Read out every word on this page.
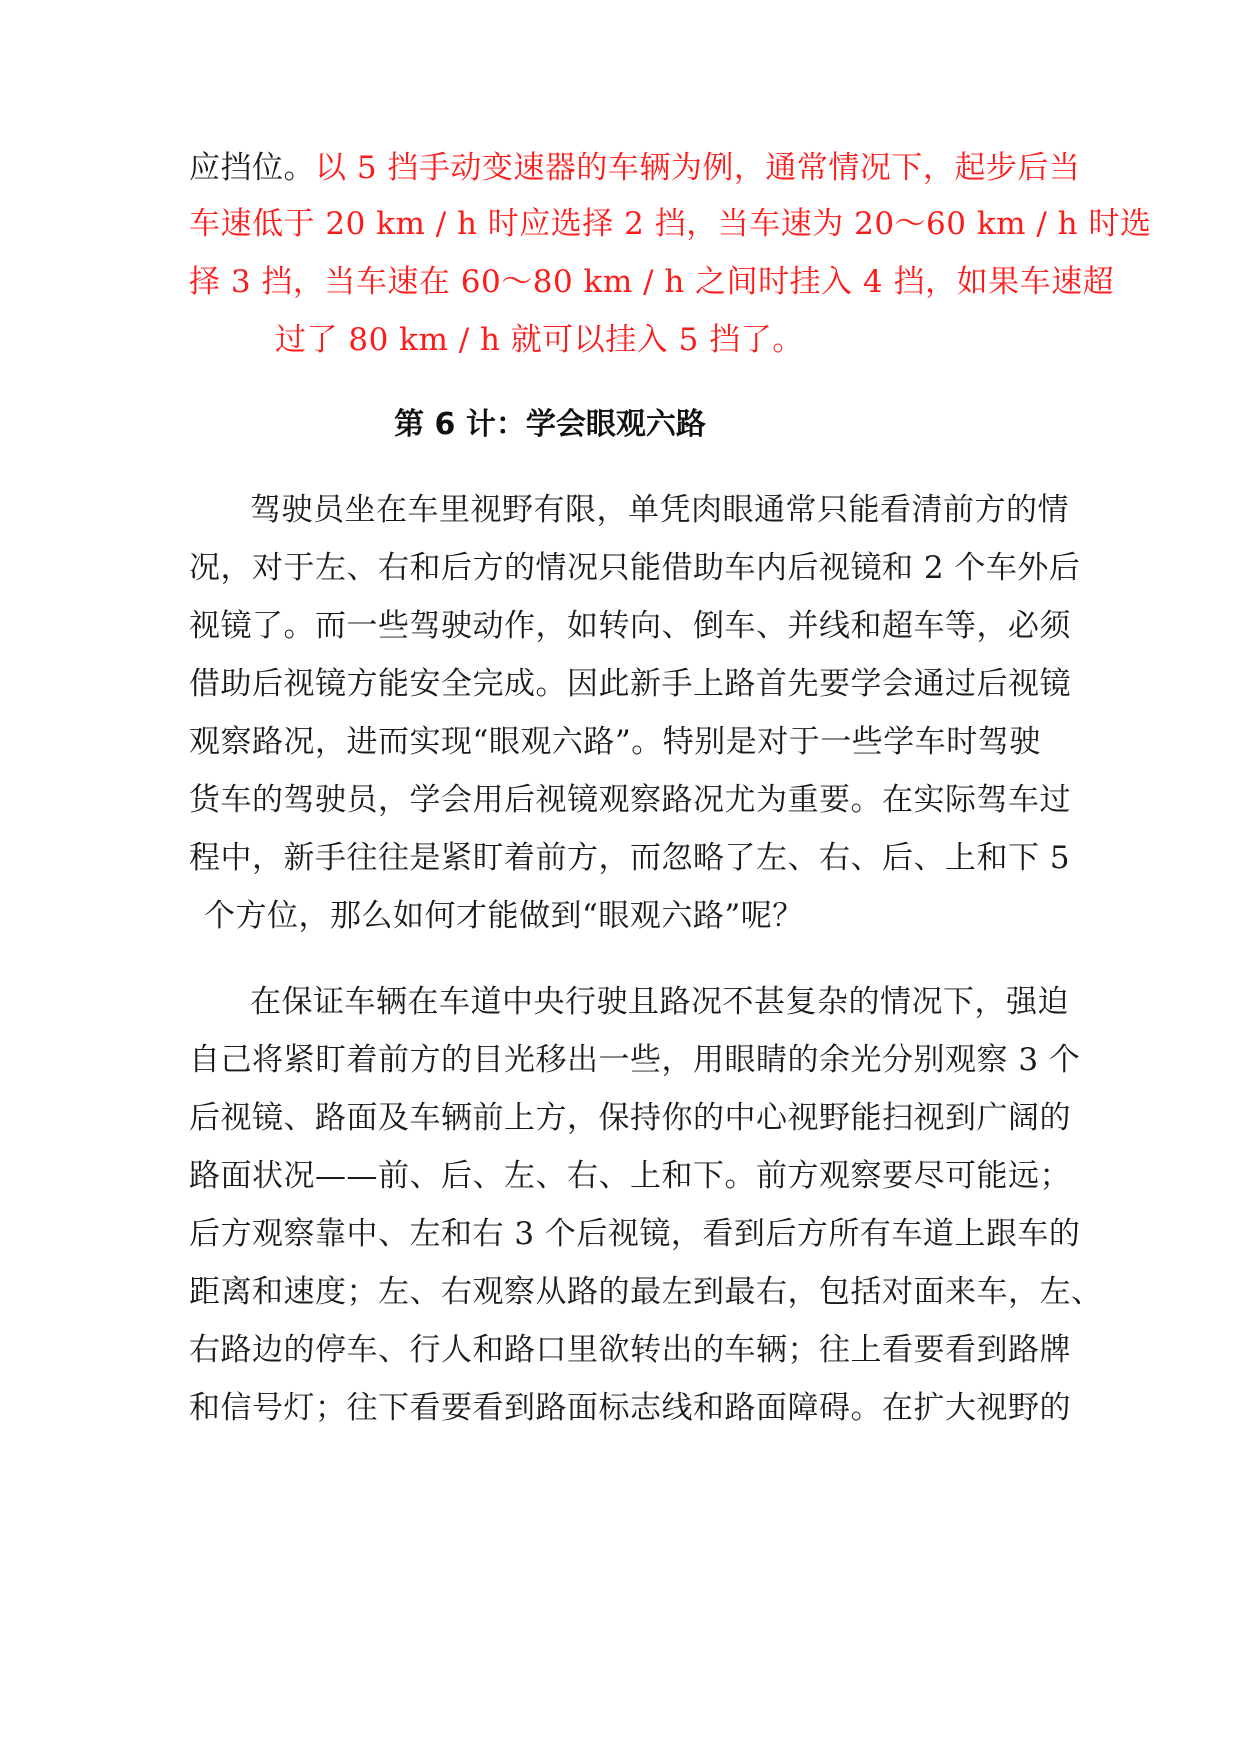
应挡位。以 5 挡手动变速器的车辆为例，通常情况下，起步后当
车速低于 20 km / h 时应选择 2 挡，当车速为 20～60 km / h 时选
择 3 挡，当车速在 60～80 km / h 之间时挂入 4 挡，如果车速超
过了 80 km / h 就可以挂入 5 挡了。
第 6 计：学会眼观六路
驾驶员坐在车里视野有限，单凭肉眼通常只能看清前方的情
况，对于左、右和后方的情况只能借助车内后视镜和 2 个车外后
视镜了。而一些驾驶动作，如转向、倒车、并线和超车等，必须
借助后视镜方能安全完成。因此新手上路首先要学会通过后视镜
观察路况，进而实现“眼观六路”。特别是对于一些学车时驾驶
货车的驾驶员，学会用后视镜观察路况尤为重要。在实际驾车过
程中，新手往往是紧盯着前方，而忽略了左、右、后、上和下 5
个方位，那么如何才能做到“眼观六路”呢？
在保证车辆在车道中央行驶且路况不甚复杂的情况下，强迫
自己将紧盯着前方的目光移出一些，用眼睛的余光分别观察 3 个
后视镜、路面及车辆前上方，保持你的中心视野能扫视到广阔的
路面状况——前、后、左、右、上和下。前方观察要尽可能远；
后方观察靠中、左和右 3 个后视镜，看到后方所有车道上跟车的
距离和速度；左、右观察从路的最左到最右，包括对面来车，左、
右路边的停车、行人和路口里欲转出的车辆；往上看要看到路牌
和信号灯；往下看要看到路面标志线和路面障碍。在扩大视野的
